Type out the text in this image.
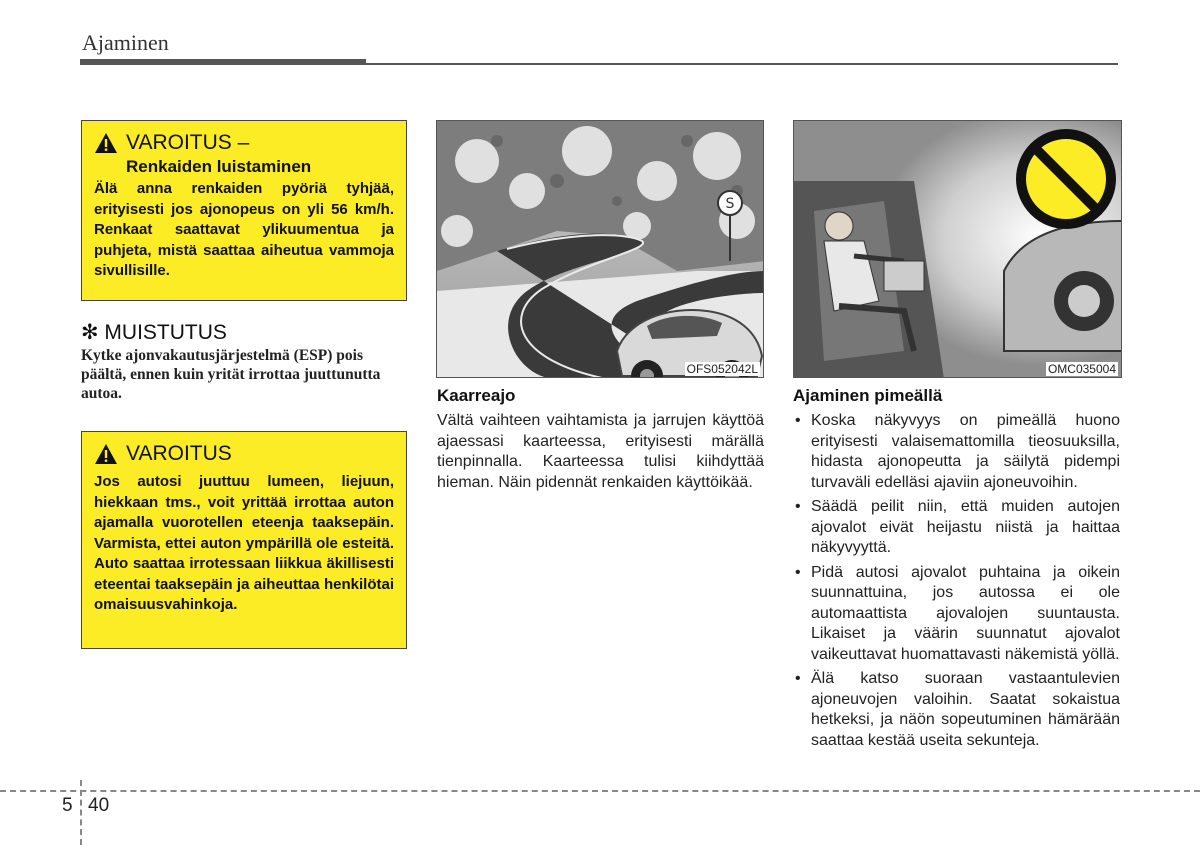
Ajaminen
VAROITUS –
Renkaiden luistaminen
Älä anna renkaiden pyöriä tyhjää, erityisesti jos ajonopeus on yli 56 km/h. Renkaat saattavat ylikuumentua ja puhjeta, mistä saattaa aiheutua vammoja sivullisille.
✻ MUISTUTUS
Kytke ajonvakautusjärjestelmä (ESP) pois päältä, ennen kuin yrität irrottaa juuttunutta autoa.
VAROITUS
Jos autosi juuttuu lumeen, liejuun, hiekkaan tms., voit yrittää irrottaa auton ajamalla vuorotellen eteenja taaksepäin. Varmista, ettei auton ympärillä ole esteitä. Auto saattaa irrotessaan liikkua äkillisesti eteentai taaksepäin ja aiheuttaa henkilötai omaisuusvahinkoja.
S
OFS052042L	OMC035004
Kaarreajo
Vältä vaihteen vaihtamista ja jarrujen käyttöä ajaessasi kaarteessa, erityisesti märällä tienpinnalla. Kaarteessa tulisi kiihdyttää hieman. Näin pidennät renkaiden käyttöikää.
Ajaminen pimeällä
• Koska näkyvyys on pimeällä huono erityisesti valaisemattomilla tieosuuksilla, hidasta ajonopeutta ja säilytä pidempi turvaväli edelläsi ajaviin ajoneuvoihin.
• Säädä peilit niin, että muiden autojen ajovalot eivät heijastu niistä ja haittaa näkyvyyttä.
• Pidä autosi ajovalot puhtaina ja oikein suunnattuina, jos autossa ei ole automaattista ajovalojen suuntausta. Likaiset ja väärin suunnatut ajovalot vaikeuttavat huomattavasti näkemistä yöllä.
• Älä katso suoraan vastaantulevien ajoneuvojen valoihin. Saatat sokaistua hetkeksi, ja näön sopeutuminen hämärään saattaa kestää useita sekunteja.
5 40
